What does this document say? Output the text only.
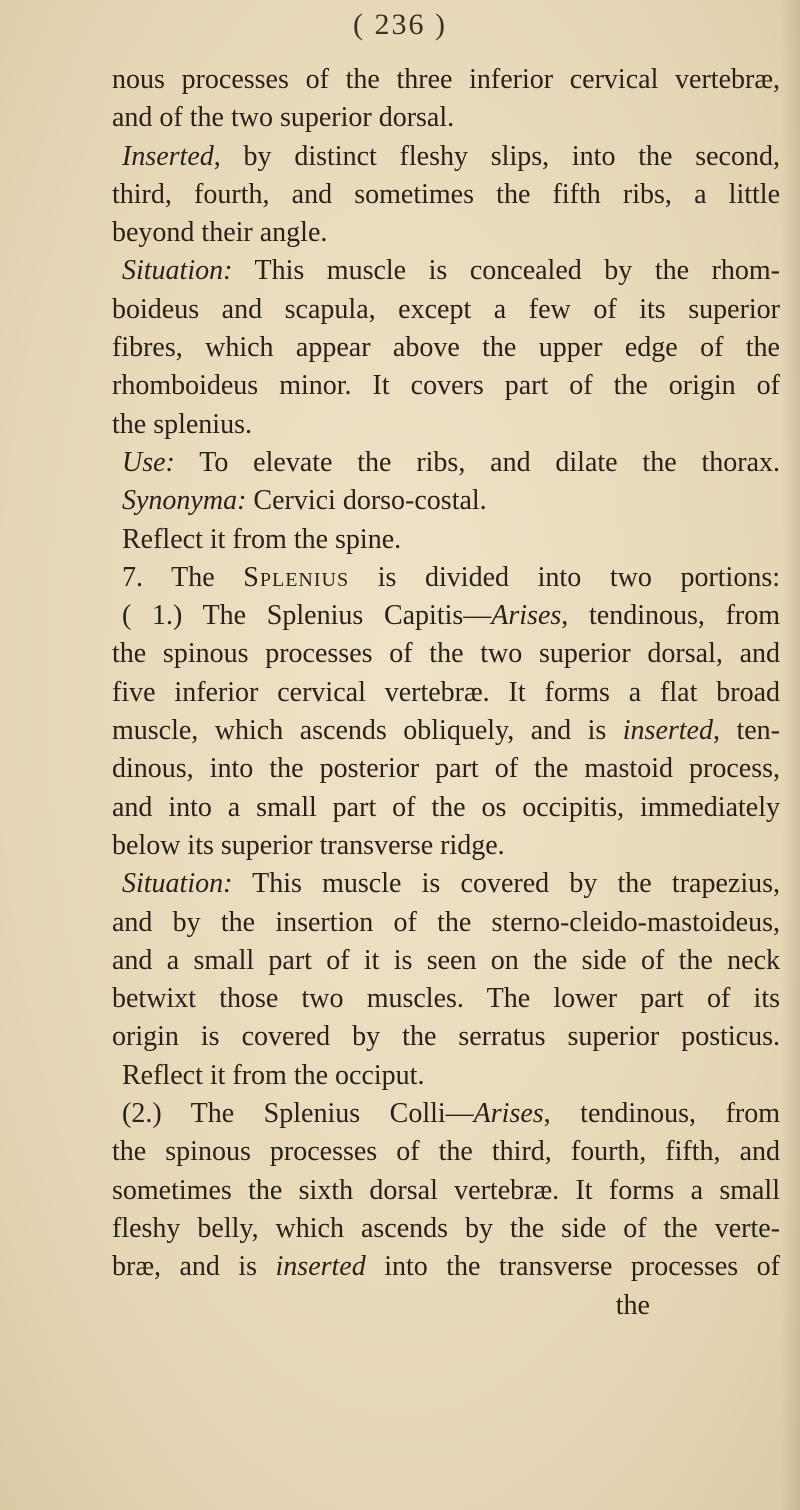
( 236 )
nous processes of the three inferior cervical vertebræ,
and of the two superior dorsal.
Inserted, by distinct fleshy slips, into the second,
third, fourth, and sometimes the fifth ribs, a little
beyond their angle.
Situation: This muscle is concealed by the rhom-
boideus and scapula, except a few of its superior
fibres, which appear above the upper edge of the
rhomboideus minor. It covers part of the origin of
the splenius.
Use: To elevate the ribs, and dilate the thorax.
Synonyma: Cervici dorso-costal.
Reflect it from the spine.
7. The Splenius is divided into two portions:
( 1.) The Splenius Capitis—Arises, tendinous, from
the spinous processes of the two superior dorsal, and
five inferior cervical vertebræ. It forms a flat broad
muscle, which ascends obliquely, and is inserted, ten-
dinous, into the posterior part of the mastoid process,
and into a small part of the os occipitis, immediately
below its superior transverse ridge.
Situation: This muscle is covered by the trapezius,
and by the insertion of the sterno-cleido-mastoideus,
and a small part of it is seen on the side of the neck
betwixt those two muscles. The lower part of its
origin is covered by the serratus superior posticus.
Reflect it from the occiput.
(2.) The Splenius Colli—Arises, tendinous, from
the spinous processes of the third, fourth, fifth, and
sometimes the sixth dorsal vertebræ. It forms a small
fleshy belly, which ascends by the side of the verte-
bræ, and is inserted into the transverse processes of
the
